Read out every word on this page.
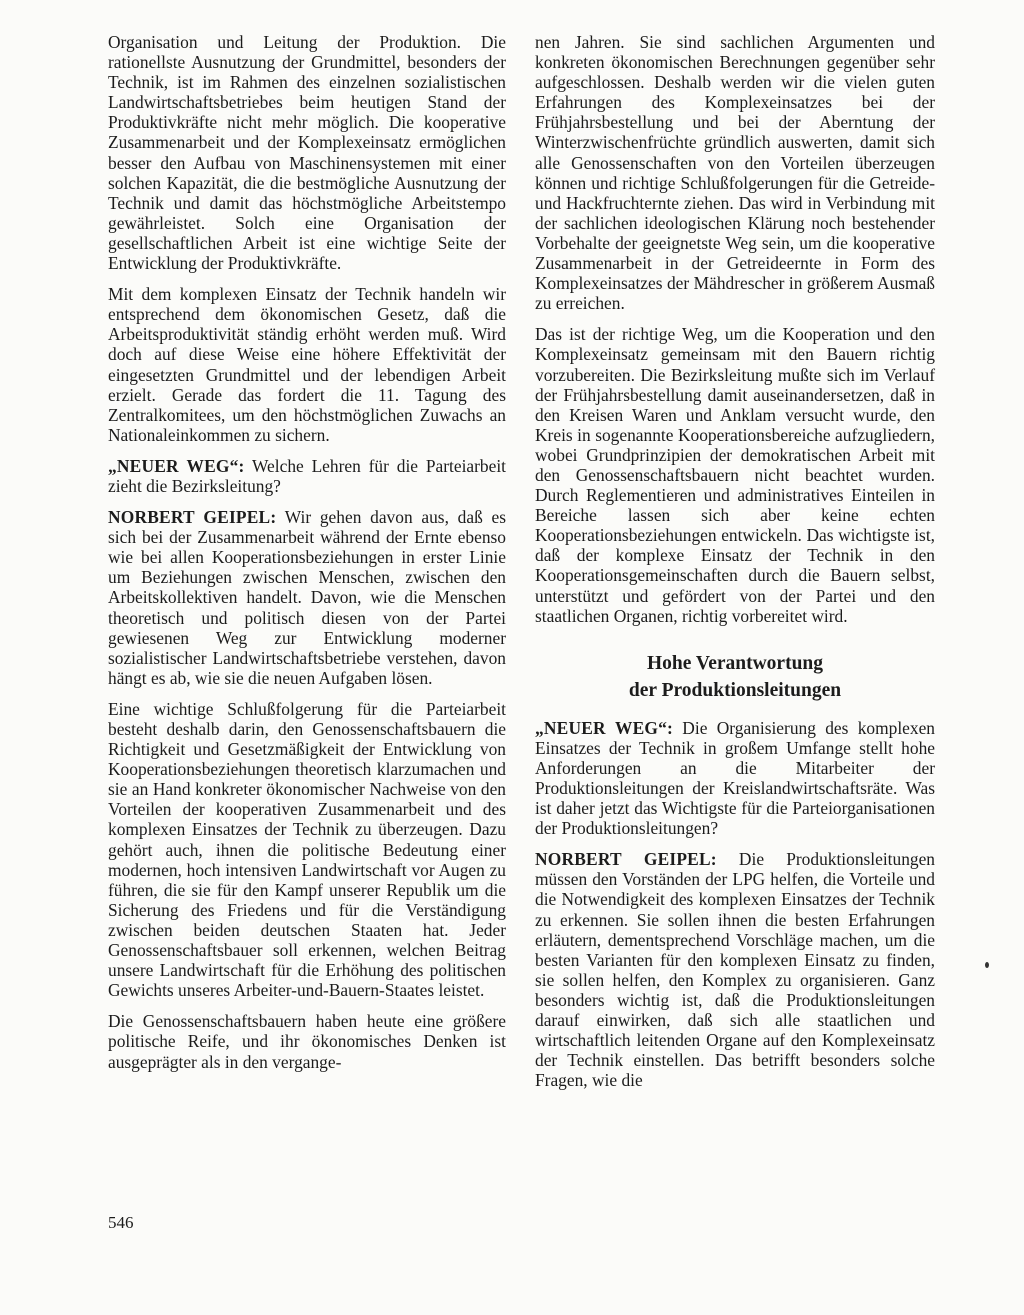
Organisation und Leitung der Produktion. Die rationellste Ausnutzung der Grundmittel, besonders der Technik, ist im Rahmen des einzelnen sozialistischen Landwirtschaftsbetriebes beim heutigen Stand der Produktivkräfte nicht mehr möglich. Die kooperative Zusammenarbeit und der Komplexeinsatz ermöglichen besser den Aufbau von Maschinensystemen mit einer solchen Kapazität, die die bestmögliche Ausnutzung der Technik und damit das höchstmögliche Arbeitstempo gewährleistet. Solch eine Organisation der gesellschaftlichen Arbeit ist eine wichtige Seite der Entwicklung der Produktivkräfte.

Mit dem komplexen Einsatz der Technik handeln wir entsprechend dem ökonomischen Gesetz, daß die Arbeitsproduktivität ständig erhöht werden muß. Wird doch auf diese Weise eine höhere Effektivität der eingesetzten Grundmittel und der lebendigen Arbeit erzielt. Gerade das fordert die 11. Tagung des Zentralkomitees, um den höchstmöglichen Zuwachs an Nationaleinkommen zu sichern.

„NEUER WEG“: Welche Lehren für die Parteiarbeit zieht die Bezirksleitung?

NORBERT GEIPEL: Wir gehen davon aus, daß es sich bei der Zusammenarbeit während der Ernte ebenso wie bei allen Kooperationsbeziehungen in erster Linie um Beziehungen zwischen Menschen, zwischen den Arbeitskollektiven handelt. Davon, wie die Menschen theoretisch und politisch diesen von der Partei gewiesenen Weg zur Entwicklung moderner sozialistischer Landwirtschaftsbetriebe verstehen, davon hängt es ab, wie sie die neuen Aufgaben lösen.

Eine wichtige Schlußfolgerung für die Parteiarbeit besteht deshalb darin, den Genossenschaftsbauern die Richtigkeit und Gesetzmäßigkeit der Entwicklung von Kooperationsbeziehungen theoretisch klarzumachen und sie an Hand konkreter ökonomischer Nachweise von den Vorteilen der kooperativen Zusammenarbeit und des komplexen Einsatzes der Technik zu überzeugen. Dazu gehört auch, ihnen die politische Bedeutung einer modernen, hoch intensiven Landwirtschaft vor Augen zu führen, die sie für den Kampf unserer Republik um die Sicherung des Friedens und für die Verständigung zwischen beiden deutschen Staaten hat. Jeder Genossenschaftsbauer soll erkennen, welchen Beitrag unsere Landwirtschaft für die Erhöhung des politischen Gewichts unseres Arbeiter-und-Bauern-Staates leistet.

Die Genossenschaftsbauern haben heute eine größere politische Reife, und ihr ökonomisches Denken ist ausgeprägter als in den vergange-

nen Jahren. Sie sind sachlichen Argumenten und konkreten ökonomischen Berechnungen gegenüber sehr aufgeschlossen. Deshalb werden wir die vielen guten Erfahrungen des Komplexeinsatzes bei der Frühjahrsbestellung und bei der Aberntung der Winterzwischenfrüchte gründlich auswerten, damit sich alle Genossenschaften von den Vorteilen überzeugen können und richtige Schlußfolgerungen für die Getreide- und Hackfruchternte ziehen. Das wird in Verbindung mit der sachlichen ideologischen Klärung noch bestehender Vorbehalte der geeignetste Weg sein, um die kooperative Zusammenarbeit in der Getreideernte in Form des Komplexeinsatzes der Mähdrescher in größerem Ausmaß zu erreichen.

Das ist der richtige Weg, um die Kooperation und den Komplexeinsatz gemeinsam mit den Bauern richtig vorzubereiten. Die Bezirksleitung mußte sich im Verlauf der Frühjahrsbestellung damit auseinandersetzen, daß in den Kreisen Waren und Anklam versucht wurde, den Kreis in sogenannte Kooperationsbereiche aufzugliedern, wobei Grundprinzipien der demokratischen Arbeit mit den Genossenschaftsbauern nicht beachtet wurden. Durch Reglementieren und administratives Einteilen in Bereiche lassen sich aber keine echten Kooperationsbeziehungen entwickeln. Das wichtigste ist, daß der komplexe Einsatz der Technik in den Kooperationsgemeinschaften durch die Bauern selbst, unterstützt und gefördert von der Partei und den staatlichen Organen, richtig vorbereitet wird.

Hohe Verantwortung
der Produktionsleitungen

„NEUER WEG“: Die Organisierung des komplexen Einsatzes der Technik in großem Umfange stellt hohe Anforderungen an die Mitarbeiter der Produktionsleitungen der Kreislandwirtschaftsräte. Was ist daher jetzt das Wichtigste für die Parteiorganisationen der Produktionsleitungen?

NORBERT GEIPEL: Die Produktionsleitungen müssen den Vorständen der LPG helfen, die Vorteile und die Notwendigkeit des komplexen Einsatzes der Technik zu erkennen. Sie sollen ihnen die besten Erfahrungen erläutern, dementsprechend Vorschläge machen, um die besten Varianten für den komplexen Einsatz zu finden, sie sollen helfen, den Komplex zu organisieren. Ganz besonders wichtig ist, daß die Produktionsleitungen darauf einwirken, daß sich alle staatlichen und wirtschaftlich leitenden Organe auf den Komplexeinsatz der Technik einstellen. Das betrifft besonders solche Fragen, wie die

546
